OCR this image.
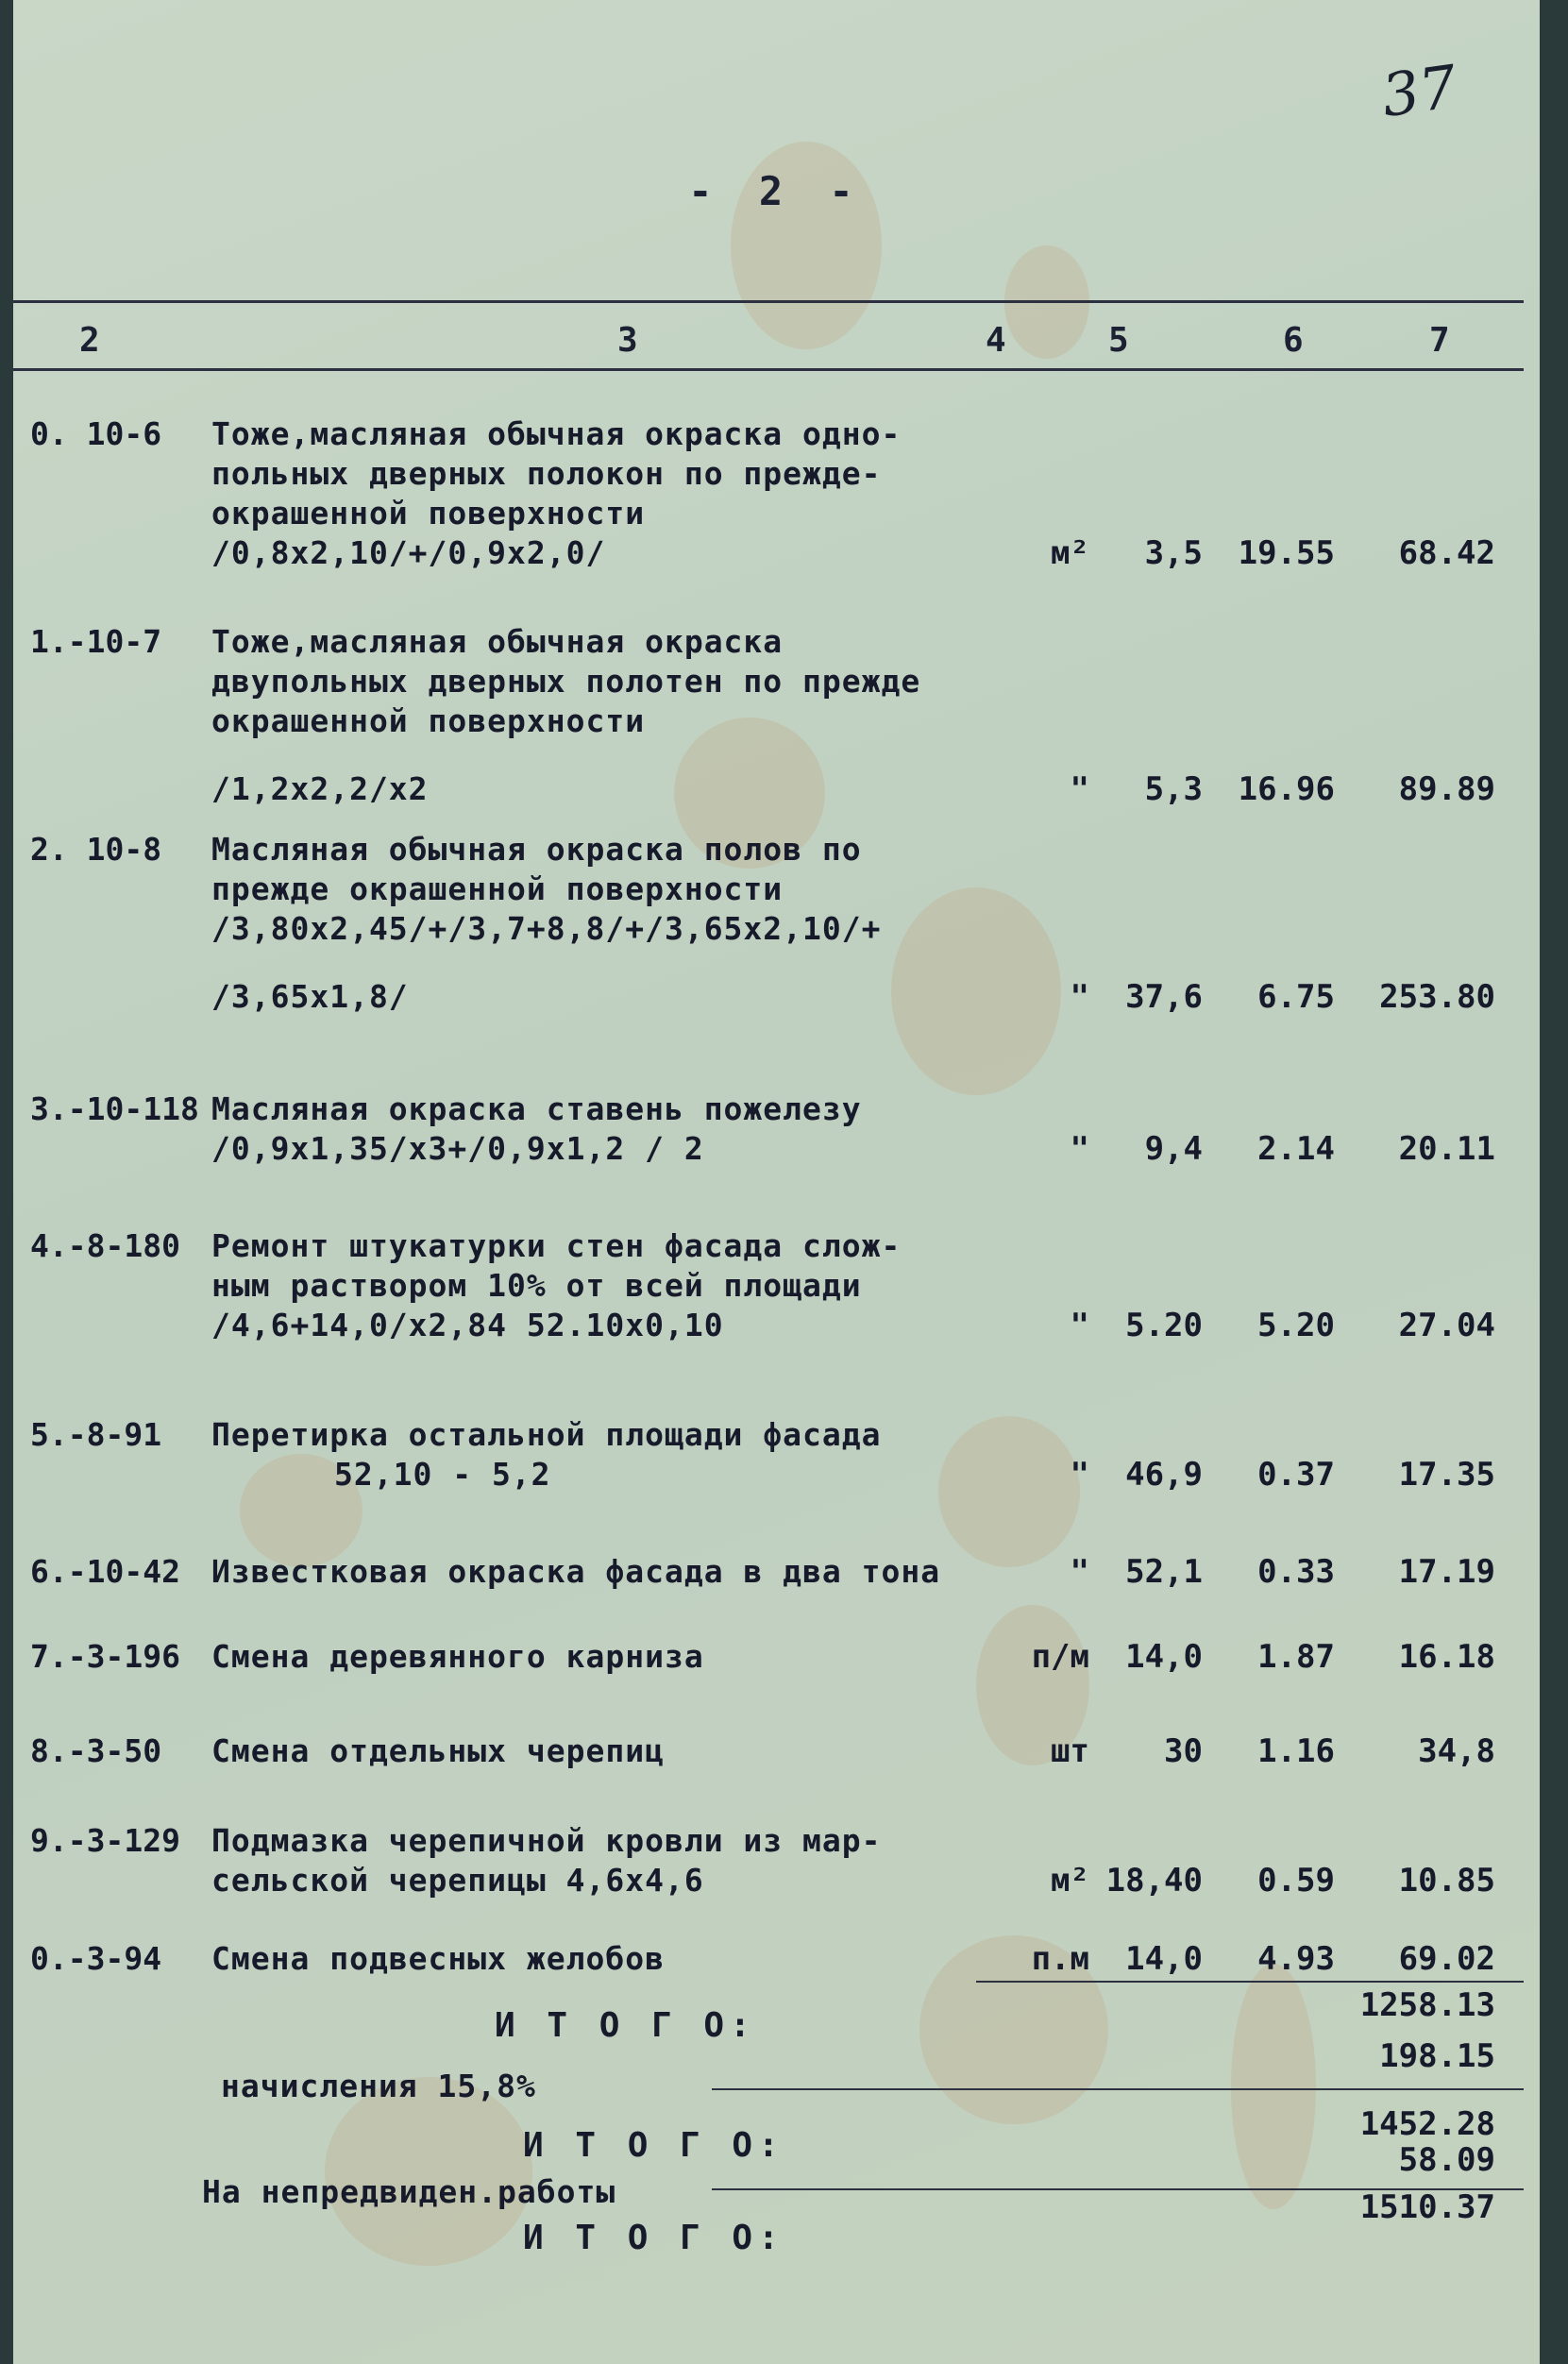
37
- 2 -
2	3	4	5	6	7
0. 10-6 Тоже,масляная обычная окраска одно-
польных дверных полокон по преждe-
окрашенной поверхности
/0,8x2,10/+/0,9x2,0/	м²	3,5	19.55	68.42
1.-10-7 Тоже,масляная обычная окраска
двупольных дверных полотен по преждe
окрашенной поверхности
/1,2x2,2/x2	"	5,3	16.96	89.89
2. 10-8 Масляная обычная окраска полов по
прежде окрашенной поверхности
/3,80x2,45/+/3,7+8,8/+/3,65x2,10/+
/3,65x1,8/	"	37,6	6.75	253.80
3.-10-118 Масляная окраска ставень пожелезу
/0,9x1,35/x3+/0,9x1,2 / 2	"	9,4	2.14	20.11
4.-8-180 Ремонт штукатурки стен фасада слож-
ным раствором 10% от всей площади
/4,6+14,0/x2,84 52.10x0,10	"	5.20	5.20	27.04
5.-8-91 Перетирка остальной площади фасада
52,10 - 5,2	"	46,9	0.37	17.35
6.-10-42 Известковая окраска фасада в два тона	"	52,1	0.33	17.19
7.-3-196 Смена деревянного карниза	п/м	14,0	1.87	16.18
8.-3-50 Смена отдельных черепиц	шт	30	1.16	34,8
9.-3-129 Подмазка черепичной кровли из мар-
сельской черепицы 4,6x4,6	м² 18,40	0.59	10.85
0.-3-94 Смена подвесных желобов	п.м	14,0	4.93	69.02
И Т О Г О:
1258.13
начисления 15,8%
198.15
И Т О Г О:
1452.28
На непредвиден.работы
58.09
И Т О Г О:
1510.37
